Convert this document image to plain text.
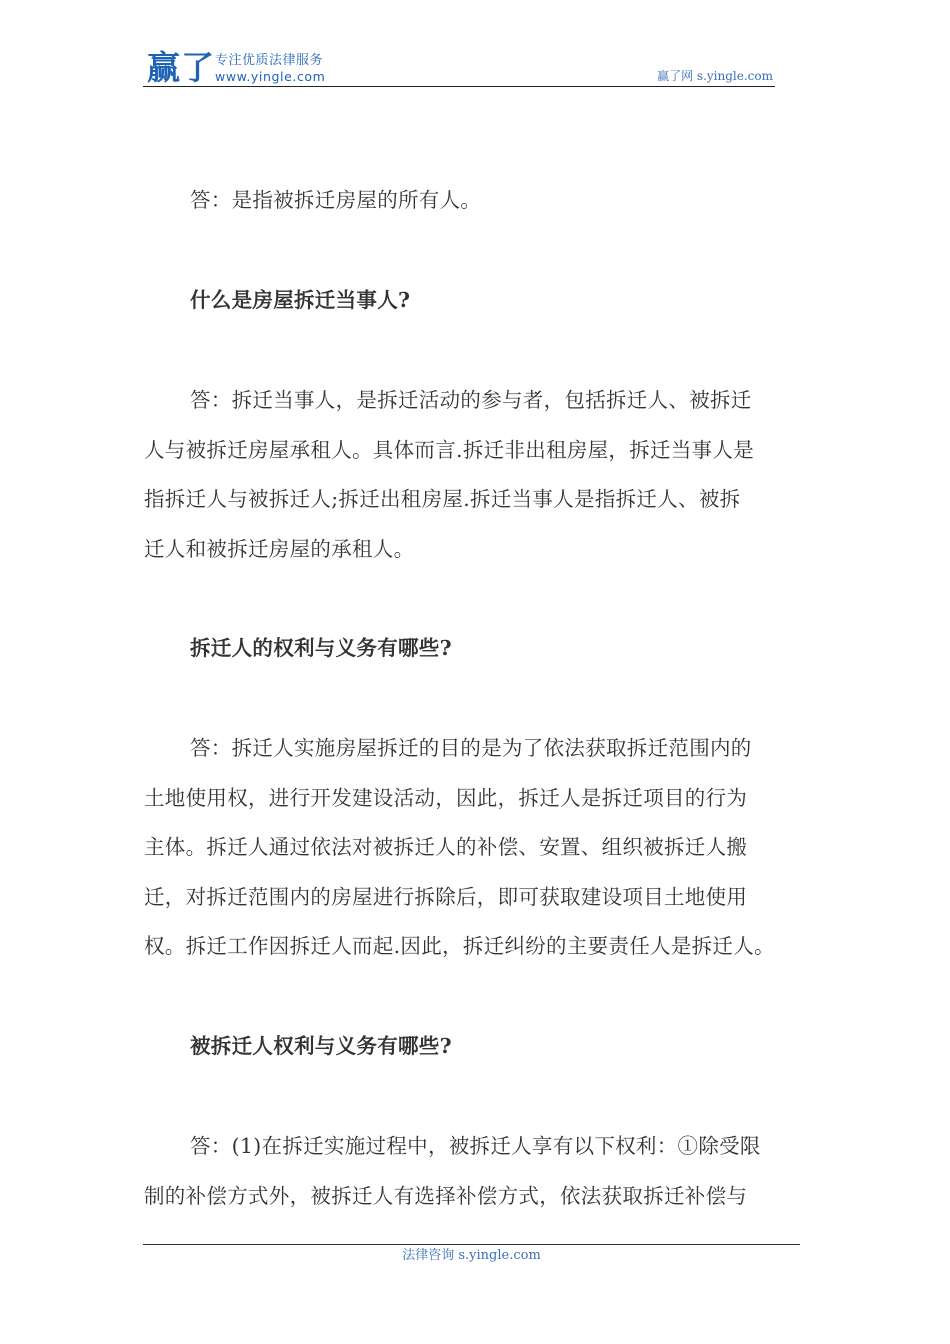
赢了 专注优质法律服务
www.yingle.com	赢了网 s.yingle.com

答：是指被拆迁房屋的所有人。

什么是房屋拆迁当事人?

答：拆迁当事人，是拆迁活动的参与者，包括拆迁人、被拆迁
人与被拆迁房屋承租人。具体而言.拆迁非出租房屋，拆迁当事人是
指拆迁人与被拆迁人;拆迁出租房屋.拆迁当事人是指拆迁人、被拆
迁人和被拆迁房屋的承租人。

拆迁人的权利与义务有哪些?

答：拆迁人实施房屋拆迁的目的是为了依法获取拆迁范围内的
土地使用权，进行开发建设活动，因此，拆迁人是拆迁项目的行为
主体。拆迁人通过依法对被拆迁人的补偿、安置、组织被拆迁人搬
迁，对拆迁范围内的房屋进行拆除后，即可获取建设项目土地使用
权。拆迁工作因拆迁人而起.因此，拆迁纠纷的主要责任人是拆迁人。

被拆迁人权利与义务有哪些?

答：(1)在拆迁实施过程中，被拆迁人享有以下权利：①除受限
制的补偿方式外，被拆迁人有选择补偿方式，依法获取拆迁补偿与

法律咨询 s.yingle.com
